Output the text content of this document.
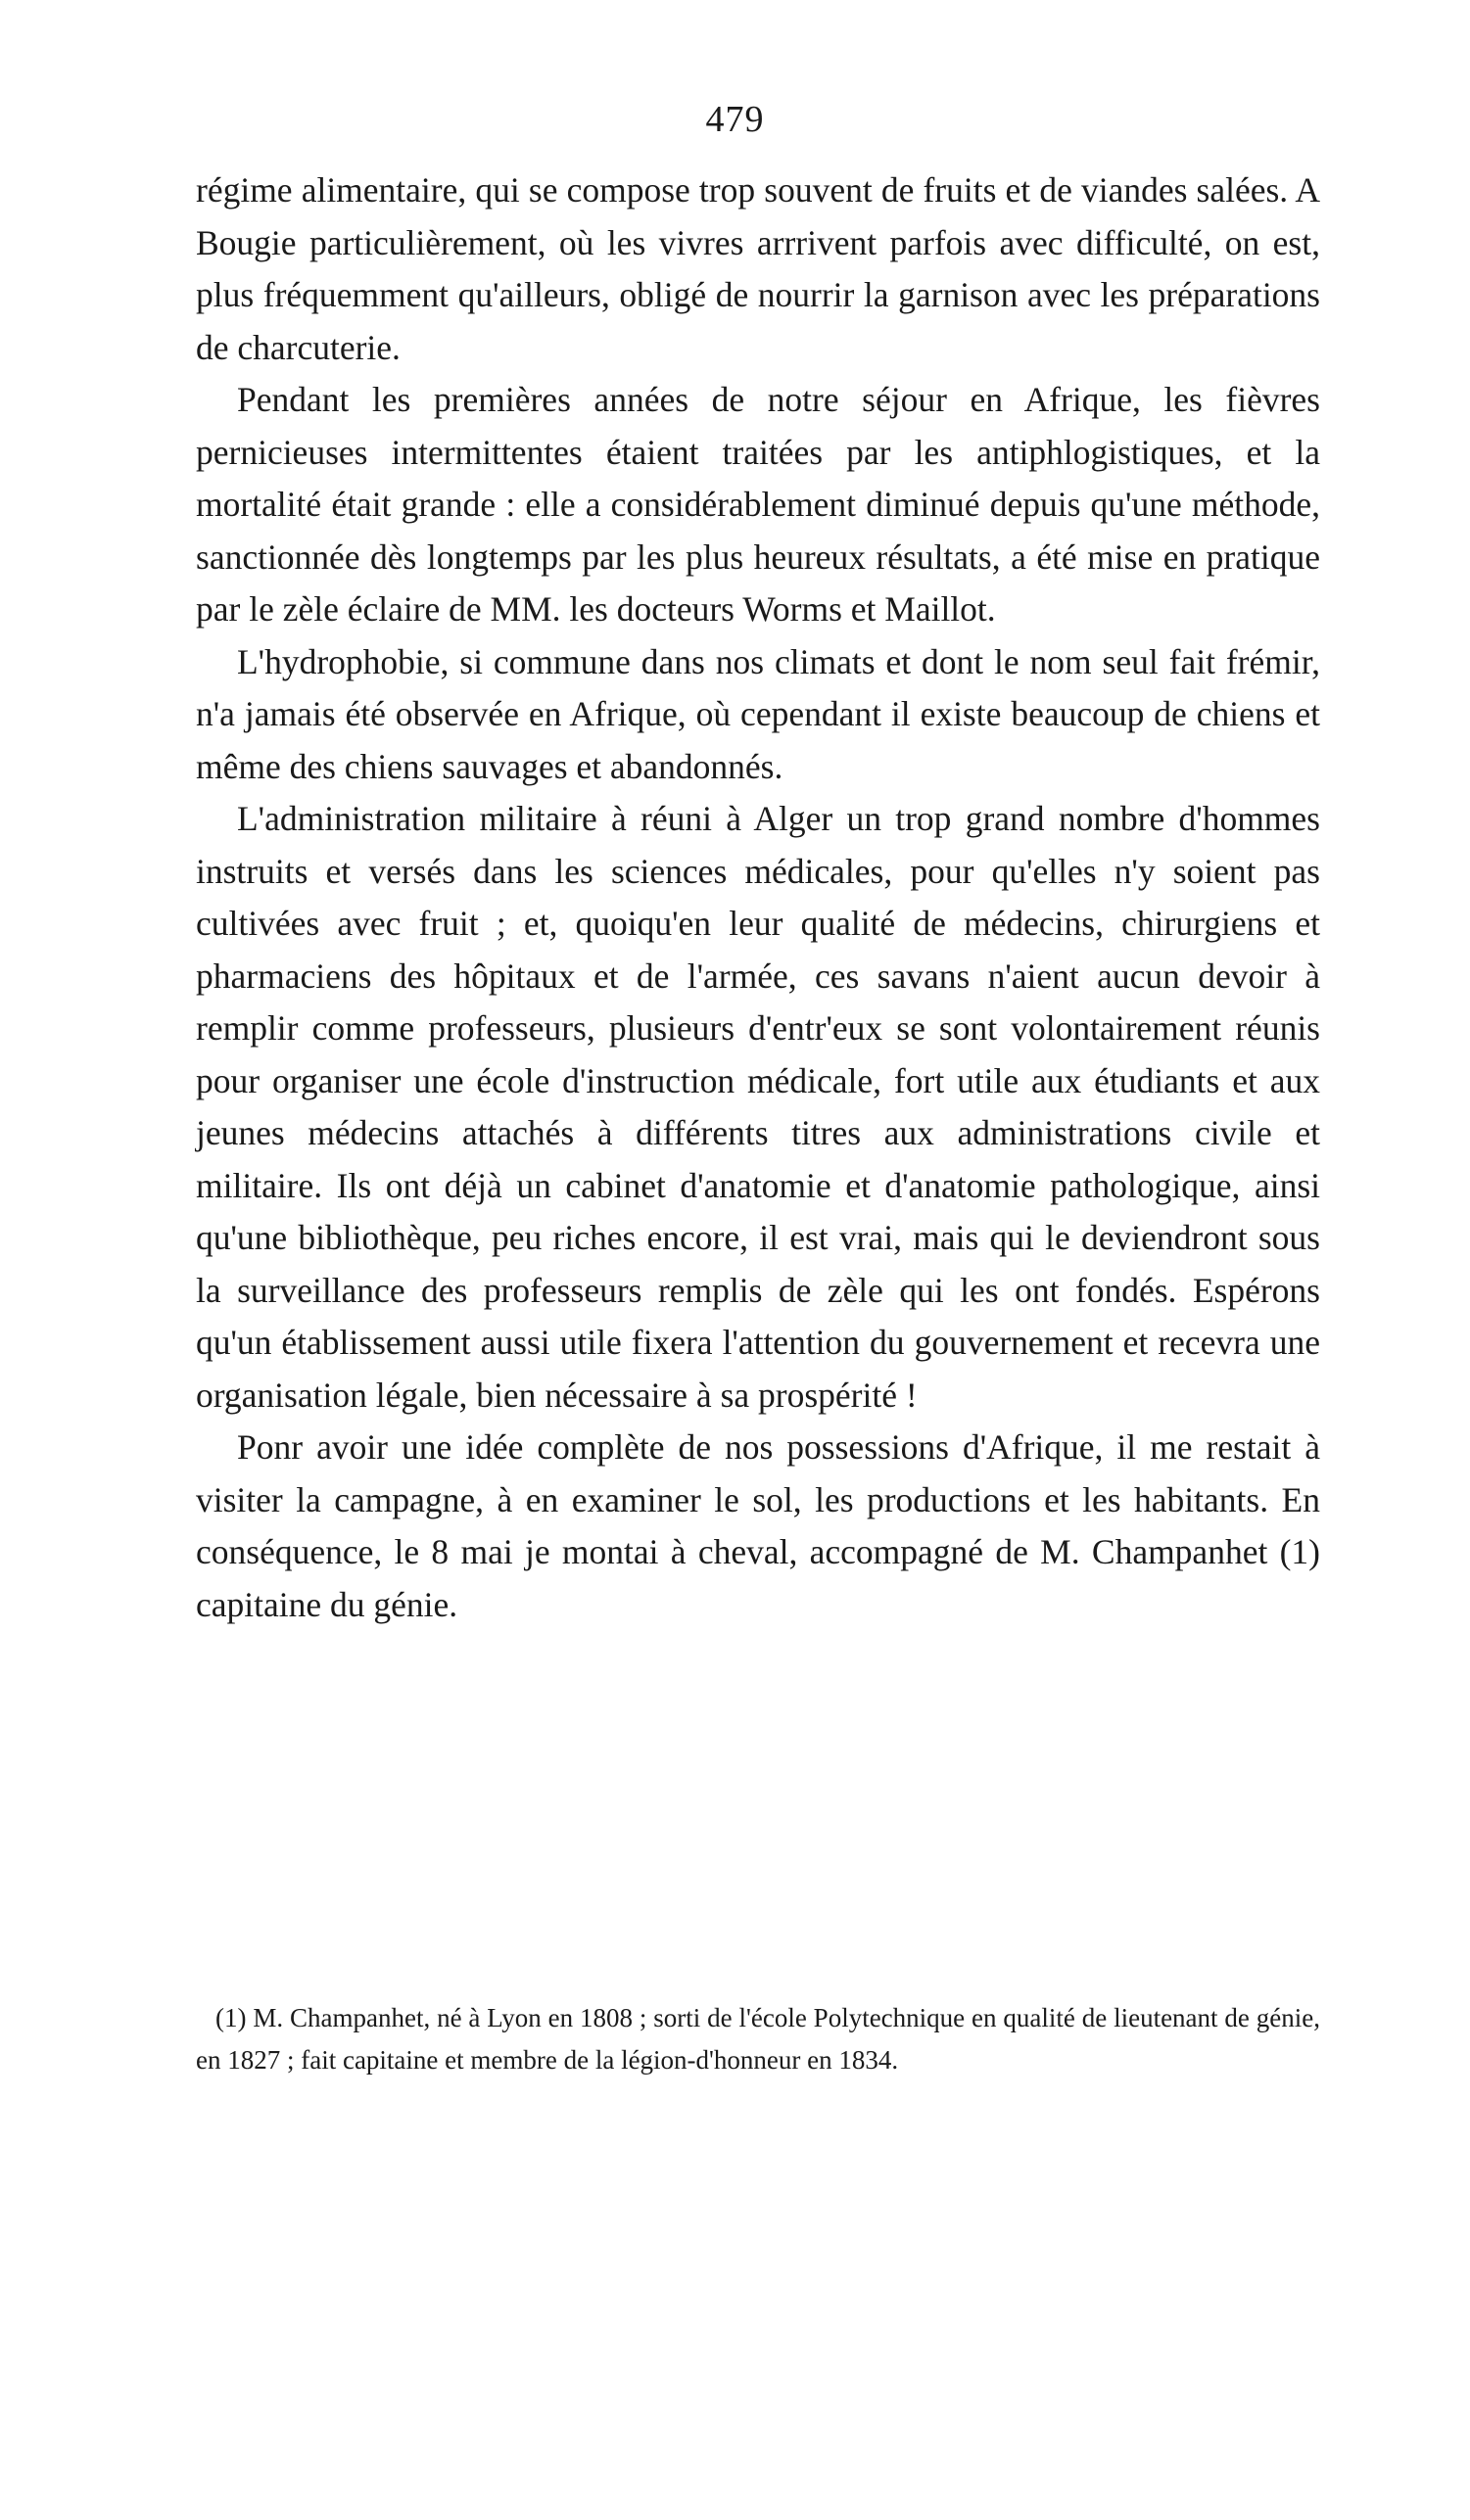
479

régime alimentaire, qui se compose trop souvent de fruits et de viandes salées. A Bougie particulièrement, où les vivres arrrivent parfois avec difficulté, on est, plus fréquemment qu'ailleurs, obligé de nourrir la garnison avec les préparations de charcuterie.

Pendant les premières années de notre séjour en Afrique, les fièvres pernicieuses intermittentes étaient traitées par les antiphlogistiques, et la mortalité était grande : elle a considérablement diminué depuis qu'une méthode, sanctionnée dès longtemps par les plus heureux résultats, a été mise en pratique par le zèle éclaire de MM. les docteurs Worms et Maillot.

L'hydrophobie, si commune dans nos climats et dont le nom seul fait frémir, n'a jamais été observée en Afrique, où cependant il existe beaucoup de chiens et même des chiens sauvages et abandonnés.

L'administration militaire à réuni à Alger un trop grand nombre d'hommes instruits et versés dans les sciences médicales, pour qu'elles n'y soient pas cultivées avec fruit ; et, quoiqu'en leur qualité de médecins, chirurgiens et pharmaciens des hôpitaux et de l'armée, ces savans n'aient aucun devoir à remplir comme professeurs, plusieurs d'entr'eux se sont volontairement réunis pour organiser une école d'instruction médicale, fort utile aux étudiants et aux jeunes médecins attachés à différents titres aux administrations civile et militaire. Ils ont déjà un cabinet d'anatomie et d'anatomie pathologique, ainsi qu'une bibliothèque, peu riches encore, il est vrai, mais qui le deviendront sous la surveillance des professeurs remplis de zèle qui les ont fondés. Espérons qu'un établissement aussi utile fixera l'attention du gouvernement et recevra une organisation légale, bien nécessaire à sa prospérité !

Ponr avoir une idée complète de nos possessions d'Afrique, il me restait à visiter la campagne, à en examiner le sol, les productions et les habitants. En conséquence, le 8 mai je montai à cheval, accompagné de M. Champanhet (1) capitaine du génie.

(1) M. Champanhet, né à Lyon en 1808 ; sorti de l'école Polytechnique en qualité de lieutenant de génie, en 1827 ; fait capitaine et membre de la légion-d'honneur en 1834.
